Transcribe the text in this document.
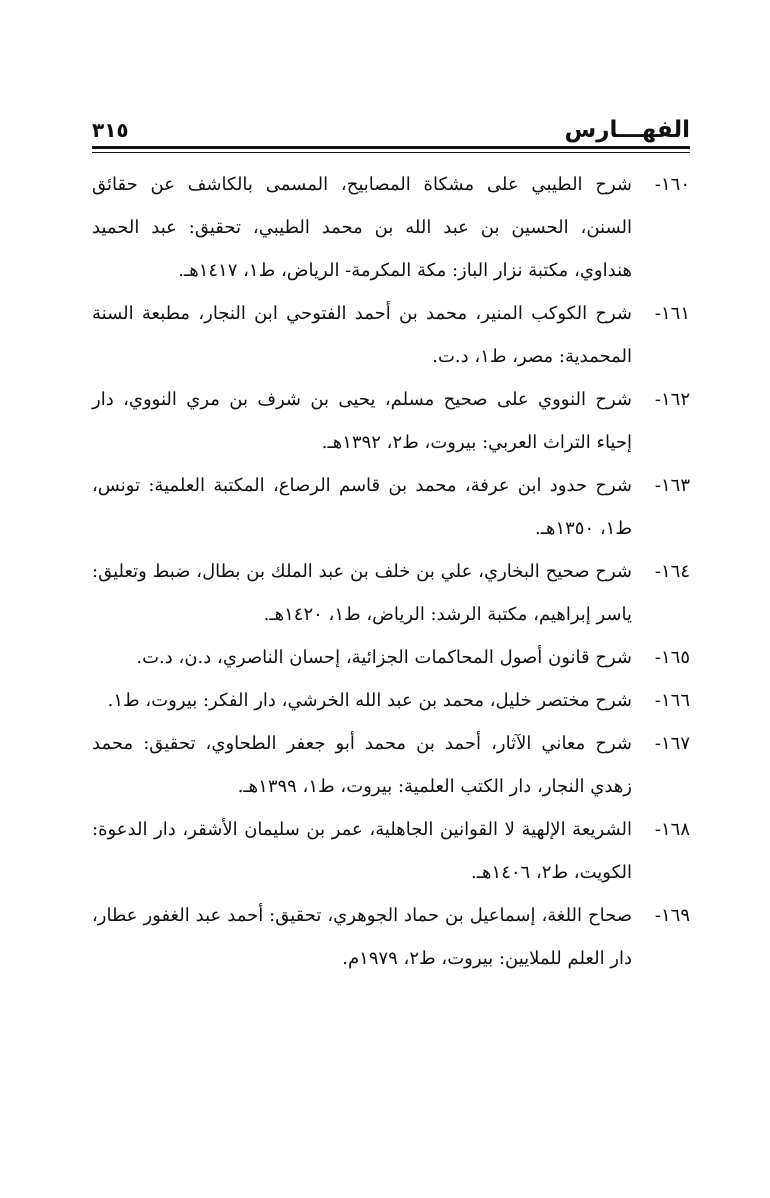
الفهـــارس
٣١٥
١٦٠-
شرح الطيبي على مشكاة المصابيح، المسمى بالكاشف عن حقائق السنن، الحسين بن عبد الله بن محمد الطيبي، تحقيق: عبد الحميد هنداوي، مكتبة نزار الباز: مكة المكرمة- الرياض، ط١، ١٤١٧هـ.
١٦١-
شرح الكوكب المنير، محمد بن أحمد الفتوحي ابن النجار، مطبعة السنة المحمدية: مصر، ط١، د.ت.
١٦٢-
شرح النووي على صحيح مسلم، يحيى بن شرف بن مري النووي، دار إحياء التراث العربي: بيروت، ط٢، ١٣٩٢هـ.
١٦٣-
شرح حدود ابن عرفة، محمد بن قاسم الرصاع، المكتبة العلمية: تونس، ط١، ١٣٥٠هـ.
١٦٤-
شرح صحيح البخاري، علي بن خلف بن عبد الملك بن بطال، ضبط وتعليق: ياسر إبراهيم، مكتبة الرشد: الرياض، ط١، ١٤٢٠هـ.
١٦٥-
شرح قانون أصول المحاكمات الجزائية، إحسان الناصري، د.ن، د.ت.
١٦٦-
شرح مختصر خليل، محمد بن عبد الله الخرشي، دار الفكر: بيروت، ط١.
١٦٧-
شرح معاني الآثار، أحمد بن محمد أبو جعفر الطحاوي، تحقيق: محمد زهدي النجار، دار الكتب العلمية: بيروت، ط١، ١٣٩٩هـ.
١٦٨-
الشريعة الإلهية لا القوانين الجاهلية، عمر بن سليمان الأشقر، دار الدعوة: الكويت، ط٢، ١٤٠٦هـ.
١٦٩-
صحاح اللغة، إسماعيل بن حماد الجوهري، تحقيق: أحمد عبد الغفور عطار، دار العلم للملايين: بيروت، ط٢، ١٩٧٩م.
